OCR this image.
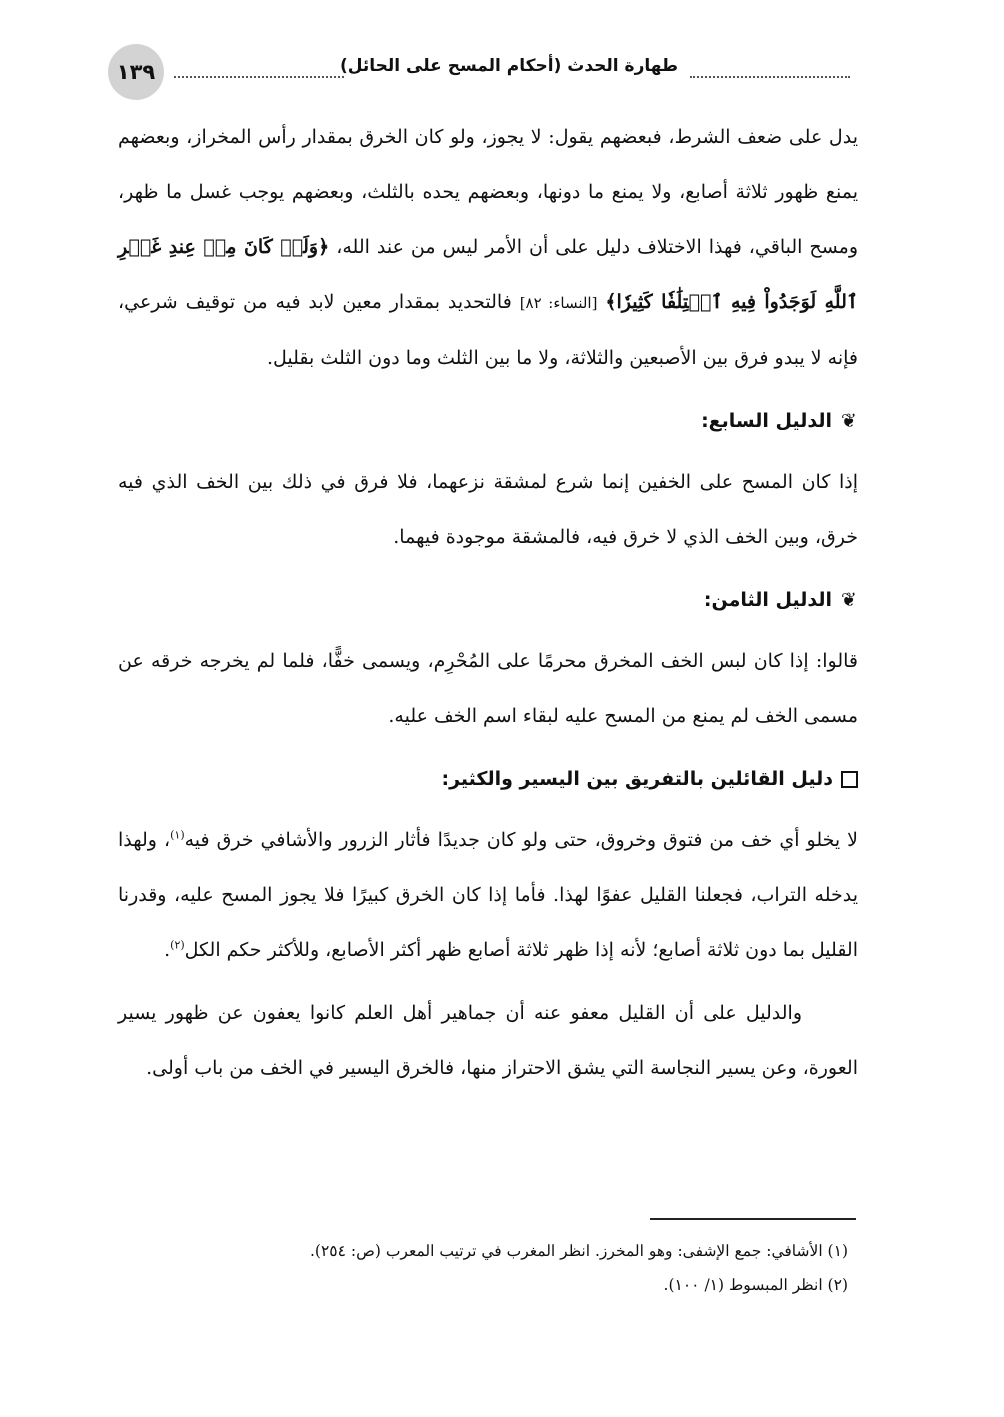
١٣٩	طهارة الحدث (أحكام المسح على الحائل)

يدل على ضعف الشرط، فبعضهم يقول: لا يجوز، ولو كان الخرق بمقدار رأس المخراز، وبعضهم يمنع ظهور ثلاثة أصابع، ولا يمنع ما دونها، وبعضهم يحده بالثلث، وبعضهم يوجب غسل ما ظهر، ومسح الباقي، فهذا الاختلاف دليل على أن الأمر ليس من عند الله، ﴿وَلَوۡ كَانَ مِنۡ عِندِ غَيۡرِ ٱللَّهِ لَوَجَدُواْ فِيهِ ٱخۡتِلَٰفٗا كَثِيرٗا﴾ [النساء: ٨٢] فالتحديد بمقدار معين لابد فيه من توقيف شرعي، فإنه لا يبدو فرق بين الأصبعين والثلاثة، ولا ما بين الثلث وما دون الثلث بقليل.

❦الدليل السابع:

إذا كان المسح على الخفين إنما شرع لمشقة نزعهما، فلا فرق في ذلك بين الخف الذي فيه خرق، وبين الخف الذي لا خرق فيه، فالمشقة موجودة فيهما.

❦الدليل الثامن:

قالوا: إذا كان لبس الخف المخرق محرمًا على المُحْرِم، ويسمى خفًّا، فلما لم يخرجه خرقه عن مسمى الخف لم يمنع من المسح عليه لبقاء اسم الخف عليه.

دليل القائلين بالتفريق بين اليسير والكثير:

لا يخلو أي خف من فتوق وخروق، حتى ولو كان جديدًا فأثار الزرور والأشافي خرق فيه$^{(١)}$، ولهذا يدخله التراب، فجعلنا القليل عفوًا لهذا. فأما إذا كان الخرق كبيرًا فلا يجوز المسح عليه، وقدرنا القليل بما دون ثلاثة أصابع؛ لأنه إذا ظهر ثلاثة أصابع ظهر أكثر الأصابع، وللأكثر حكم الكل$^{(٢)}$.

والدليل على أن القليل معفو عنه أن جماهير أهل العلم كانوا يعفون عن ظهور يسير العورة، وعن يسير النجاسة التي يشق الاحتراز منها، فالخرق اليسير في الخف من باب أولى.

(١) الأشافي: جمع الإشفى: وهو المخرز. انظر المغرب في ترتيب المعرب (ص: ٢٥٤).

(٢) انظر المبسوط (١/ ١٠٠).
